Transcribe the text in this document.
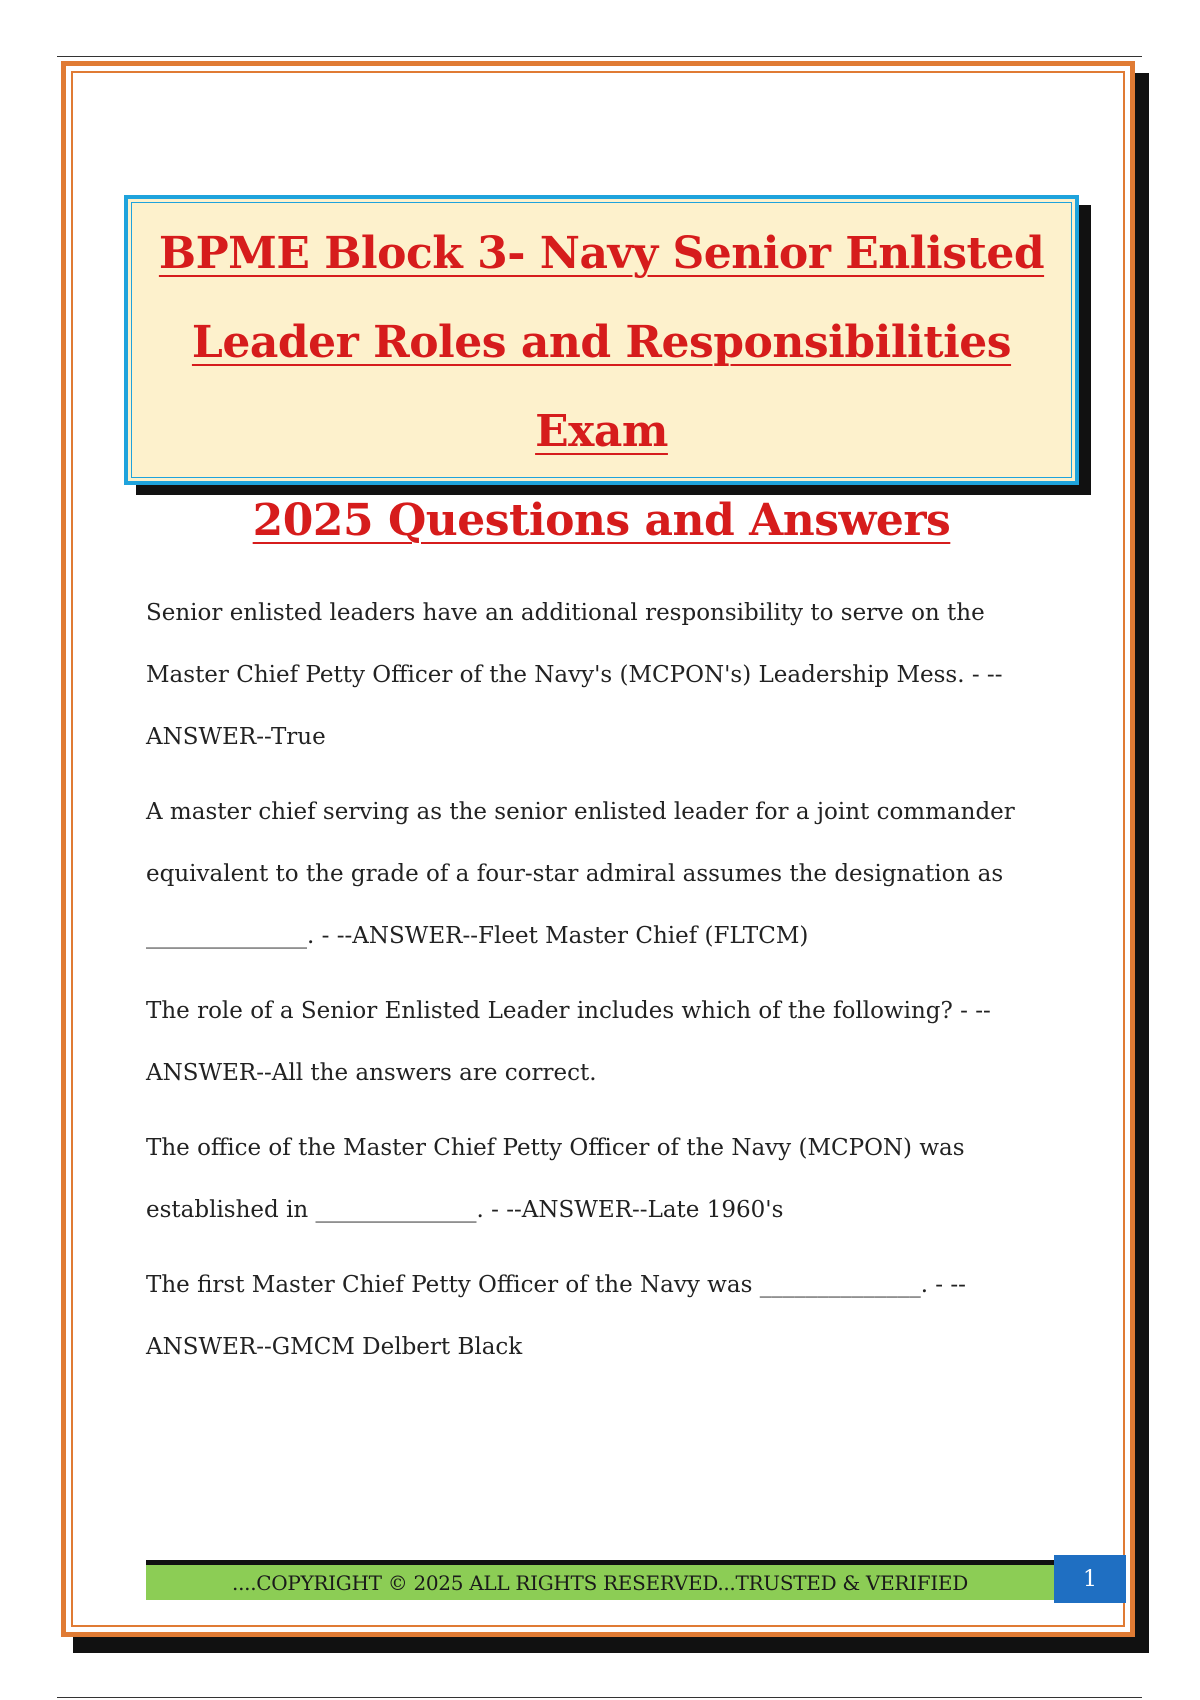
BPME Block 3- Navy Senior Enlisted
Leader Roles and Responsibilities Exam
2025 Questions and Answers

Senior enlisted leaders have an additional responsibility to serve on the Master Chief Petty Officer of the Navy's (MCPON's) Leadership Mess. - --ANSWER--True

A master chief serving as the senior enlisted leader for a joint commander equivalent to the grade of a four-star admiral assumes the designation as ______________. - --ANSWER--Fleet Master Chief (FLTCM)

The role of a Senior Enlisted Leader includes which of the following? - --ANSWER--All the answers are correct.

The office of the Master Chief Petty Officer of the Navy (MCPON) was established in ______________. - --ANSWER--Late 1960's

The first Master Chief Petty Officer of the Navy was ______________. - --ANSWER--GMCM Delbert Black

....COPYRIGHT © 2025 ALL RIGHTS RESERVED...TRUSTED & VERIFIED	1
